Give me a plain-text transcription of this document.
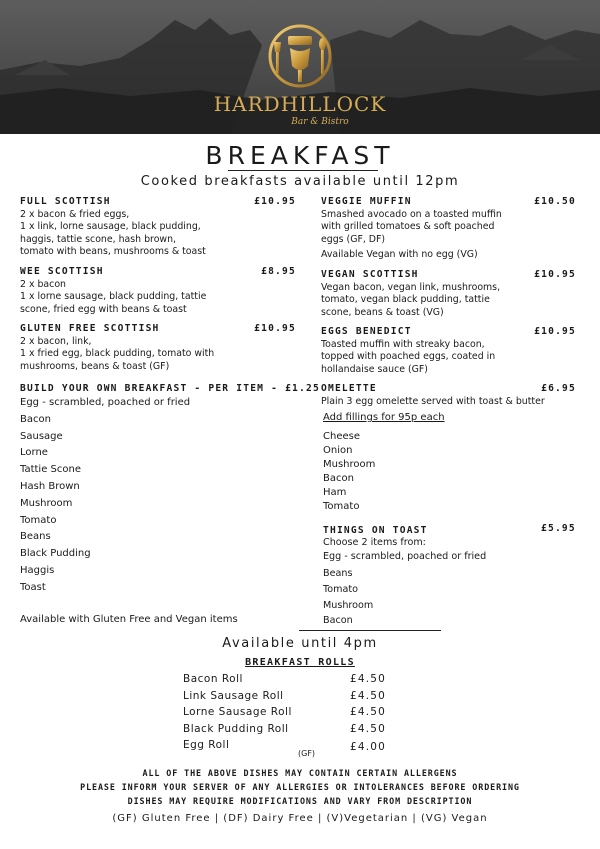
HARDHILLOCK
Bar & Bistro
BREAKFAST
Cooked breakfasts available until 12pm
FULL SCOTTISH	£10.95
2 x bacon & fried eggs,
1 x link, lorne sausage, black pudding,
haggis, tattie scone, hash brown,
tomato with beans, mushrooms & toast
WEE SCOTTISH	£8.95
2 x bacon
1 x lorne sausage, black pudding, tattie
scone, fried egg with beans & toast
GLUTEN FREE SCOTTISH	£10.95
2 x bacon, link,
1 x fried egg, black pudding, tomato with
mushrooms, beans & toast (GF)
BUILD YOUR OWN BREAKFAST - PER ITEM - £1.25
Egg - scrambled, poached or fried
Bacon
Sausage
Lorne
Tattie Scone
Hash Brown
Mushroom
Tomato
Beans
Black Pudding
Haggis
Toast
Available with Gluten Free and Vegan items
VEGGIE MUFFIN	£10.50
Smashed avocado on a toasted muffin
with grilled tomatoes & soft poached
eggs (GF, DF)
Available Vegan with no egg (VG)
VEGAN SCOTTISH	£10.95
Vegan bacon, vegan link, mushrooms,
tomato, vegan black pudding, tattie
scone, beans & toast (VG)
EGGS BENEDICT	£10.95
Toasted muffin with streaky bacon,
topped with poached eggs, coated in
hollandaise sauce (GF)
OMELETTE	£6.95
Plain 3 egg omelette served with toast & butter
Add fillings for 95p each
Cheese
Onion
Mushroom
Bacon
Ham
Tomato
THINGS ON TOAST	£5.95
Choose 2 items from:
Egg - scrambled, poached or fried
Beans
Tomato
Mushroom
Bacon
Available until 4pm
BREAKFAST ROLLS
Bacon Roll	£4.50
Link Sausage Roll	£4.50
Lorne Sausage Roll	£4.50
Black Pudding Roll	£4.50
Egg Roll	£4.00
(GF)
ALL OF THE ABOVE DISHES MAY CONTAIN CERTAIN ALLERGENS
PLEASE INFORM YOUR SERVER OF ANY ALLERGIES OR INTOLERANCES BEFORE ORDERING
DISHES MAY REQUIRE MODIFICATIONS AND VARY FROM DESCRIPTION
(GF) Gluten Free | (DF) Dairy Free | (V)Vegetarian | (VG) Vegan
